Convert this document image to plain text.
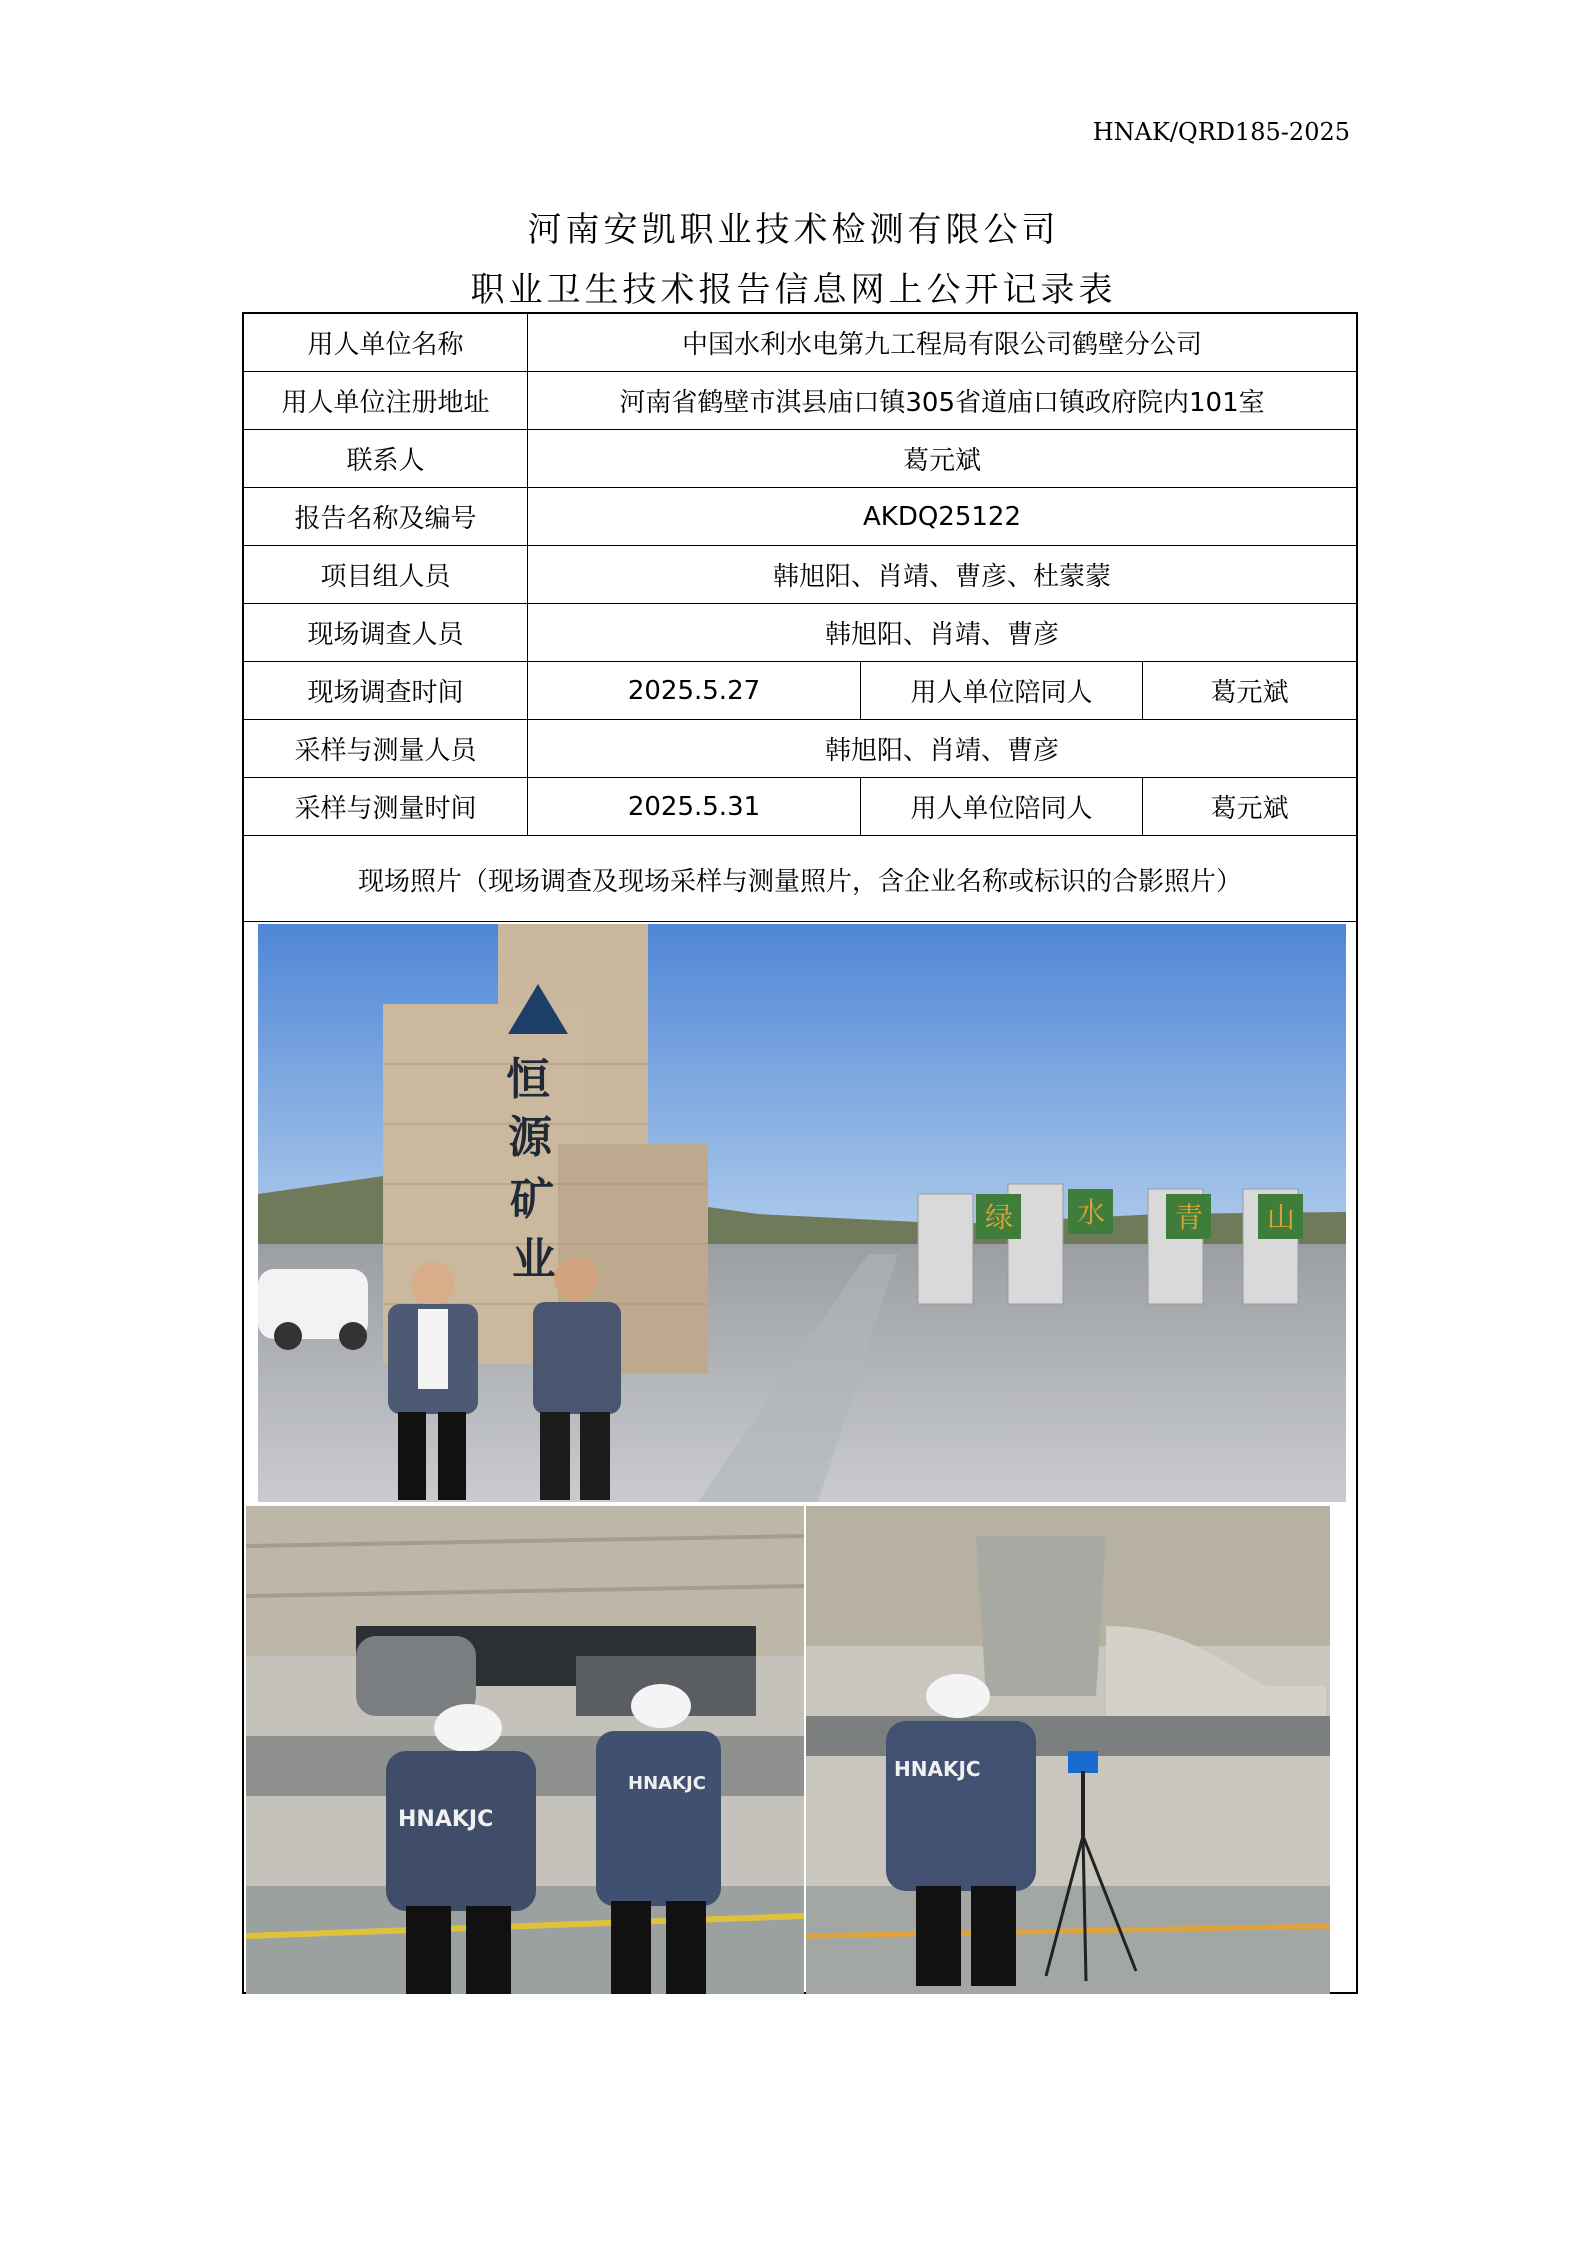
HNAK/QRD185-2025
河南安凯职业技术检测有限公司
职业卫生技术报告信息网上公开记录表
用人单位名称	中国水利水电第九工程局有限公司鹤壁分公司
用人单位注册地址	河南省鹤壁市淇县庙口镇305省道庙口镇政府院内101室
联系人	葛元斌
报告名称及编号	AKDQ25122
项目组人员	韩旭阳、肖靖、曹彦、杜蒙蒙
现场调查人员	韩旭阳、肖靖、曹彦
现场调查时间	2025.5.27	用人单位陪同人	葛元斌
采样与测量人员	韩旭阳、肖靖、曹彦
采样与测量时间	2025.5.31	用人单位陪同人	葛元斌
现场照片（现场调查及现场采样与测量照片，含企业名称或标识的合影照片）
恒
源
矿
业
绿 水 青 山
HNAKJC
HNAKJC
HNAKJC
